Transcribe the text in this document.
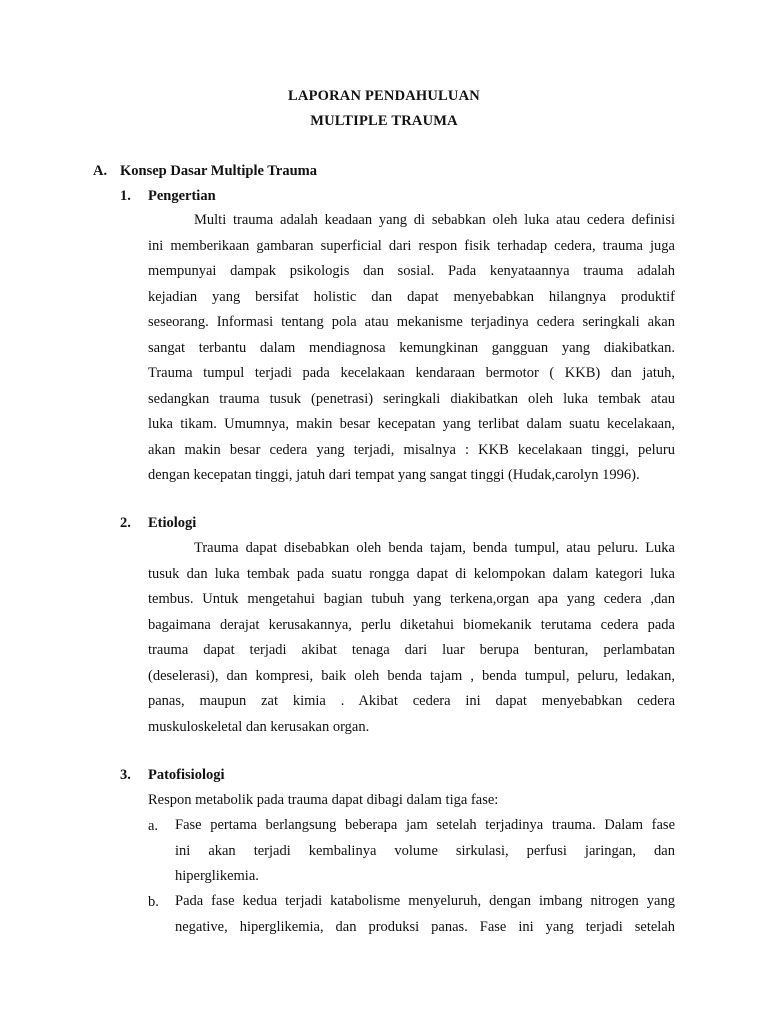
LAPORAN PENDAHULUAN
MULTIPLE TRAUMA
A. Konsep Dasar Multiple Trauma
1. Pengertian
Multi trauma adalah keadaan yang di sebabkan oleh luka atau cedera definisi
ini memberikaan gambaran superficial dari respon fisik terhadap cedera, trauma juga
mempunyai dampak psikologis dan sosial. Pada kenyataannya trauma adalah
kejadian yang bersifat holistic dan dapat menyebabkan hilangnya produktif
seseorang. Informasi tentang pola atau mekanisme terjadinya cedera seringkali akan
sangat terbantu dalam mendiagnosa kemungkinan gangguan yang diakibatkan.
Trauma tumpul terjadi pada kecelakaan kendaraan bermotor ( KKB) dan jatuh,
sedangkan trauma tusuk (penetrasi) seringkali diakibatkan oleh luka tembak atau
luka tikam. Umumnya, makin besar kecepatan yang terlibat dalam suatu kecelakaan,
akan makin besar cedera yang terjadi, misalnya : KKB kecelakaan tinggi, peluru
dengan kecepatan tinggi, jatuh dari tempat yang sangat tinggi (Hudak,carolyn 1996).
2. Etiologi
Trauma dapat disebabkan oleh benda tajam, benda tumpul, atau peluru. Luka
tusuk dan luka tembak pada suatu rongga dapat di kelompokan dalam kategori luka
tembus. Untuk mengetahui bagian tubuh yang terkena,organ apa yang cedera ,dan
bagaimana derajat kerusakannya, perlu diketahui biomekanik terutama cedera pada
trauma dapat terjadi akibat tenaga dari luar berupa benturan, perlambatan
(deselerasi), dan kompresi, baik oleh benda tajam , benda tumpul, peluru, ledakan,
panas, maupun zat kimia . Akibat cedera ini dapat menyebabkan cedera
muskuloskeletal dan kerusakan organ.
3. Patofisiologi
Respon metabolik pada trauma dapat dibagi dalam tiga fase:
a. Fase pertama berlangsung beberapa jam setelah terjadinya trauma. Dalam fase
ini akan terjadi kembalinya volume sirkulasi, perfusi jaringan, dan
hiperglikemia.
b. Pada fase kedua terjadi katabolisme menyeluruh, dengan imbang nitrogen yang
negative, hiperglikemia, dan produksi panas. Fase ini yang terjadi setelah
